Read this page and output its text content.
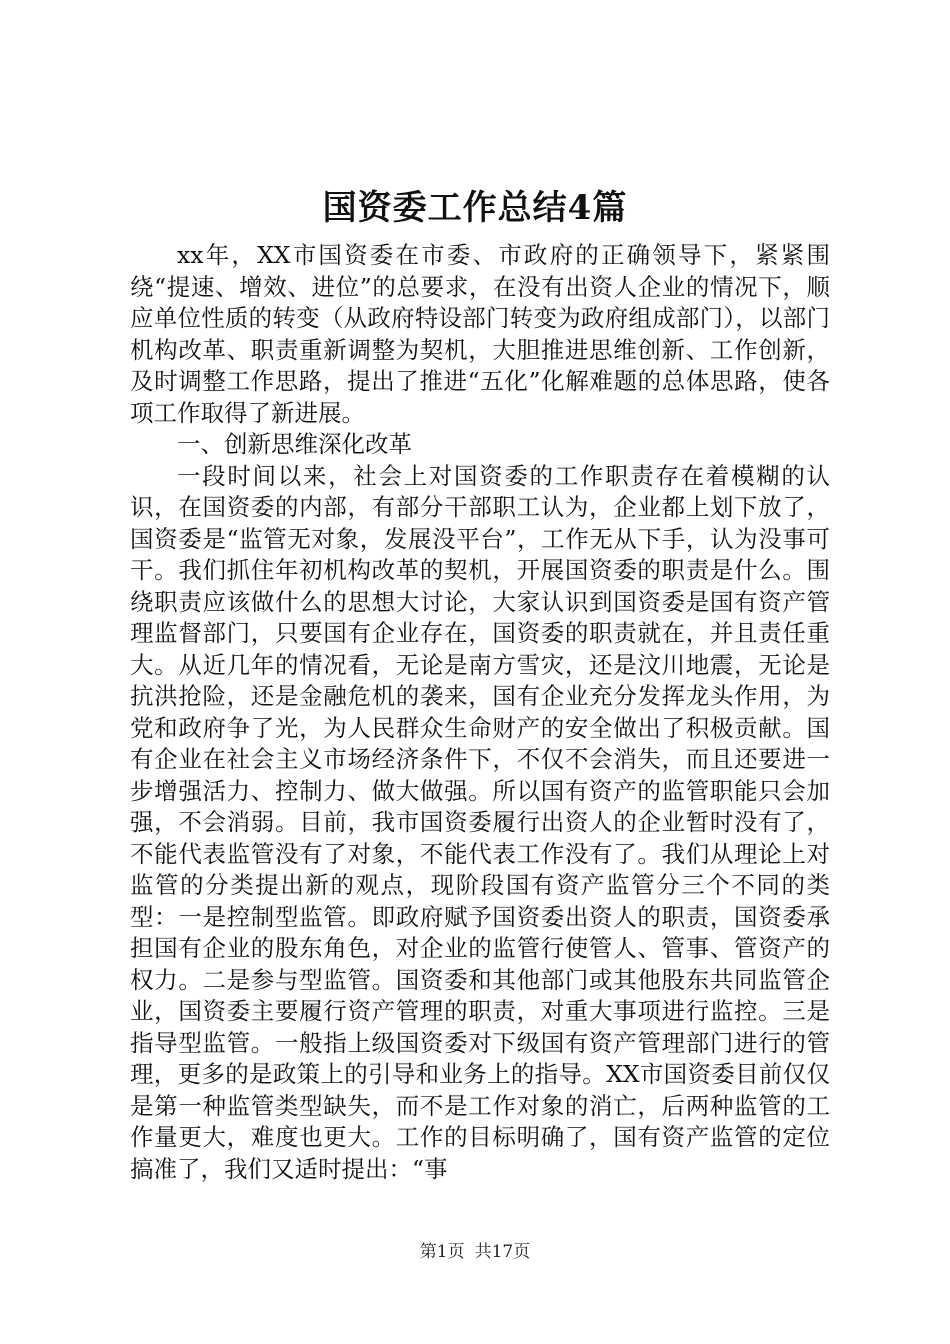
国资委工作总结4篇

xx年，XX市国资委在市委、市政府的正确领导下，紧紧围绕“提速、增效、进位”的总要求，在没有出资人企业的情况下，顺应单位性质的转变（从政府特设部门转变为政府组成部门），以部门机构改革、职责重新调整为契机，大胆推进思维创新、工作创新，及时调整工作思路，提出了推进“五化”化解难题的总体思路，使各项工作取得了新进展。

一、创新思维深化改革

一段时间以来，社会上对国资委的工作职责存在着模糊的认识，在国资委的内部，有部分干部职工认为，企业都上划下放了，国资委是“监管无对象，发展没平台”，工作无从下手，认为没事可干。我们抓住年初机构改革的契机，开展国资委的职责是什么。围绕职责应该做什么的思想大讨论，大家认识到国资委是国有资产管理监督部门，只要国有企业存在，国资委的职责就在，并且责任重大。从近几年的情况看，无论是南方雪灾，还是汶川地震，无论是抗洪抢险，还是金融危机的袭来，国有企业充分发挥龙头作用，为党和政府争了光，为人民群众生命财产的安全做出了积极贡献。国有企业在社会主义市场经济条件下，不仅不会消失，而且还要进一步增强活力、控制力、做大做强。所以国有资产的监管职能只会加强，不会消弱。目前，我市国资委履行出资人的企业暂时没有了，不能代表监管没有了对象，不能代表工作没有了。我们从理论上对监管的分类提出新的观点，现阶段国有资产监管分三个不同的类型：一是控制型监管。即政府赋予国资委出资人的职责，国资委承担国有企业的股东角色，对企业的监管行使管人、管事、管资产的权力。二是参与型监管。国资委和其他部门或其他股东共同监管企业，国资委主要履行资产管理的职责，对重大事项进行监控。三是指导型监管。一般指上级国资委对下级国有资产管理部门进行的管理，更多的是政策上的引导和业务上的指导。XX市国资委目前仅仅是第一种监管类型缺失，而不是工作对象的消亡，后两种监管的工作量更大，难度也更大。工作的目标明确了，国有资产监管的定位搞准了，我们又适时提出：“事

第1页 共17页
